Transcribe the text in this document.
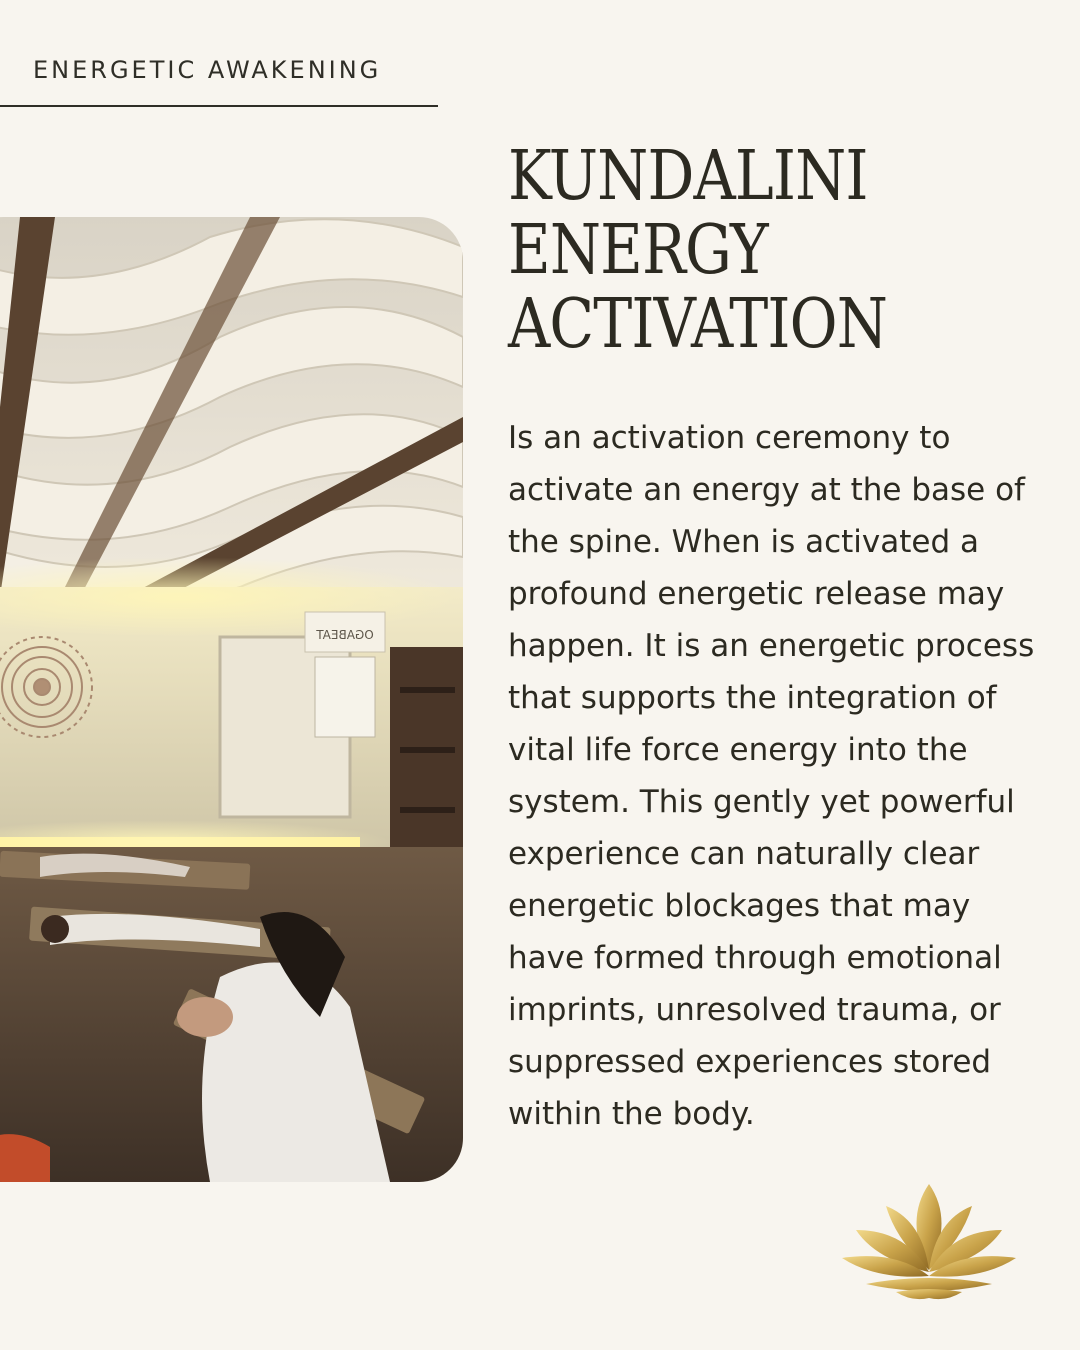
ENERGETIC AWAKENING
KUNDALINI
ENERGY
ACTIVATION
Is an activation ceremony to activate an energy at the base of the spine. When is activated a profound energetic release may happen. It is an energetic process that supports the integration of vital life force energy into the system. This gently yet powerful experience can naturally clear energetic blockages that may have formed through emotional imprints, unresolved trauma, or suppressed experiences stored within the body.
OGABEAT
